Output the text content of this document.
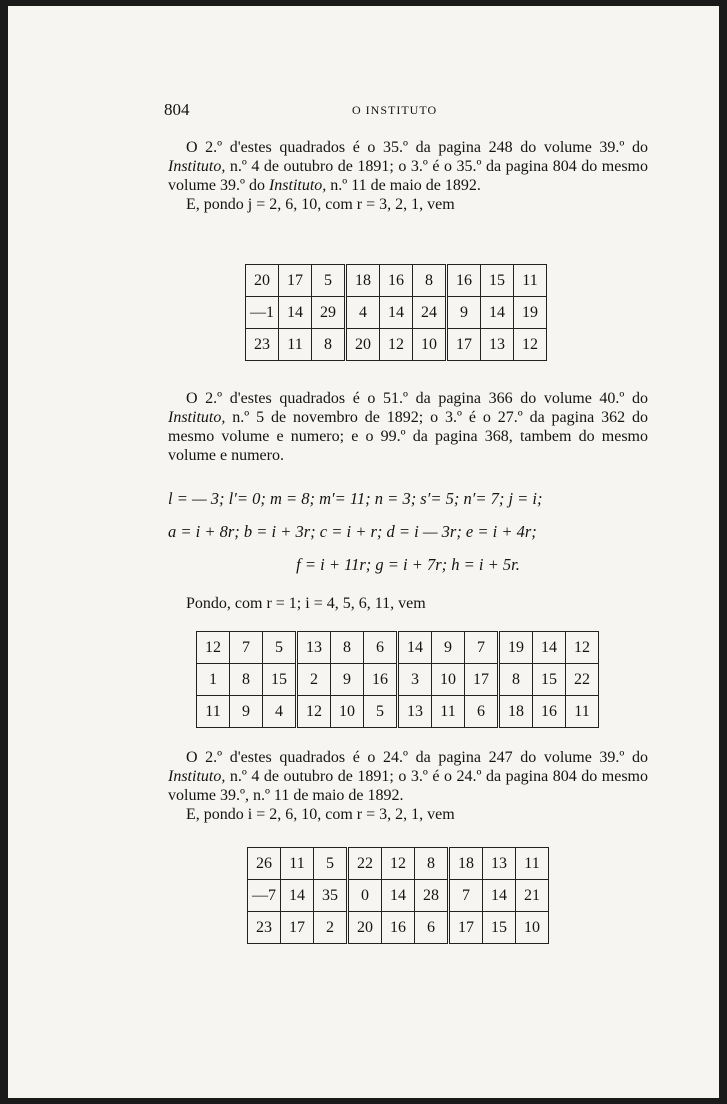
804	O INSTITUTO

O 2.º d'estes quadrados é o 35.º da pagina 248 do volume 39.º do Instituto, n.º 4 de outubro de 1891; o 3.º é o 35.º da pagina 804 do mesmo volume 39.º do Instituto, n.º 11 de maio de 1892.

E, pondo j = 2, 6, 10, com r = 3, 2, 1, vem

20	17	5	18	16	8	16	15	11
—1	14	29	4	14	24	9	14	19
23	11	8	20	12	10	17	13	12

O 2.º d'estes quadrados é o 51.º da pagina 366 do volume 40.º do Instituto, n.º 5 de novembro de 1892; o 3.º é o 27.º da pagina 362 do mesmo volume e numero; e o 99.º da pagina 368, tambem do mesmo volume e numero.

l = — 3; l′= 0; m = 8; m′= 11; n = 3; s′= 5; n′= 7; j = i;
a = i + 8r; b = i + 3r; c = i + r; d = i — 3r; e = i + 4r;
f = i + 11r; g = i + 7r; h = i + 5r.

Pondo, com r = 1; i = 4, 5, 6, 11, vem

12	7	5	13	8	6	14	9	7	19	14	12
1	8	15	2	9	16	3	10	17	8	15	22
11	9	4	12	10	5	13	11	6	18	16	11

O 2.º d'estes quadrados é o 24.º da pagina 247 do volume 39.º do Instituto, n.º 4 de outubro de 1891; o 3.º é o 24.º da pagina 804 do mesmo volume 39.º, n.º 11 de maio de 1892.

E, pondo i = 2, 6, 10, com r = 3, 2, 1, vem

26	11	5	22	12	8	18	13	11
—7	14	35	0	14	28	7	14	21
23	17	2	20	16	6	17	15	10
